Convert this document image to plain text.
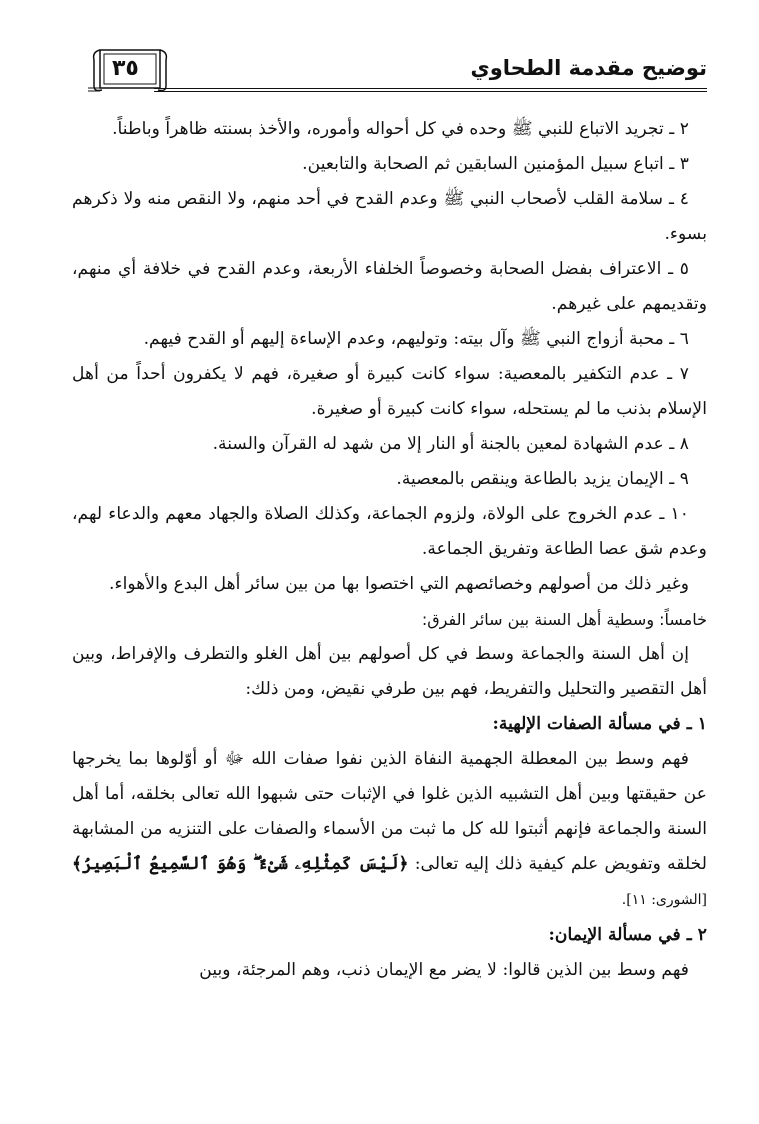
٣٥	توضيح مقدمة الطحاوي

٢ ـ تجريد الاتباع للنبي ﷺ وحده في كل أحواله وأموره، والأخذ بسنته ظاهراً وباطناً.

٣ ـ اتباع سبيل المؤمنين السابقين ثم الصحابة والتابعين.

٤ ـ سلامة القلب لأصحاب النبي ﷺ وعدم القدح في أحد منهم، ولا النقص منه ولا ذكرهم بسوء.

٥ ـ الاعتراف بفضل الصحابة وخصوصاً الخلفاء الأربعة، وعدم القدح في خلافة أي منهم، وتقديمهم على غيرهم.

٦ ـ محبة أزواج النبي ﷺ وآل بيته: وتوليهم، وعدم الإساءة إليهم أو القدح فيهم.

٧ ـ عدم التكفير بالمعصية: سواء كانت كبيرة أو صغيرة، فهم لا يكفرون أحداً من أهل الإسلام بذنب ما لم يستحله، سواء كانت كبيرة أو صغيرة.

٨ ـ عدم الشهادة لمعين بالجنة أو النار إلا من شهد له القرآن والسنة.

٩ ـ الإيمان يزيد بالطاعة وينقص بالمعصية.

١٠ ـ عدم الخروج على الولاة، ولزوم الجماعة، وكذلك الصلاة والجهاد معهم والدعاء لهم، وعدم شق عصا الطاعة وتفريق الجماعة.

وغير ذلك من أصولهم وخصائصهم التي اختصوا بها من بين سائر أهل البدع والأهواء.

خامساً: وسطية أهل السنة بين سائر الفرق:

إن أهل السنة والجماعة وسط في كل أصولهم بين أهل الغلو والتطرف والإفراط، وبين أهل التقصير والتحليل والتفريط، فهم بين طرفي نقيض، ومن ذلك:

١ ـ في مسألة الصفات الإلهية:

فهم وسط بين المعطلة الجهمية النفاة الذين نفوا صفات الله ﷻ أو أوّلوها بما يخرجها عن حقيقتها وبين أهل التشبيه الذين غلوا في الإثبات حتى شبهوا الله تعالى بخلقه، أما أهل السنة والجماعة فإنهم أثبتوا لله كل ما ثبت من الأسماء والصفات على التنزيه من المشابهة لخلقه وتفويض علم كيفية ذلك إليه تعالى: ﴿لَيْسَ كَمِثْلِهِۦ شَىْءٌ ۖ وَهُوَ ٱلسَّمِيعُ ٱلْبَصِيرُ﴾ [الشورى: ١١].

٢ ـ في مسألة الإيمان:

فهم وسط بين الذين قالوا: لا يضر مع الإيمان ذنب، وهم المرجئة، وبين
